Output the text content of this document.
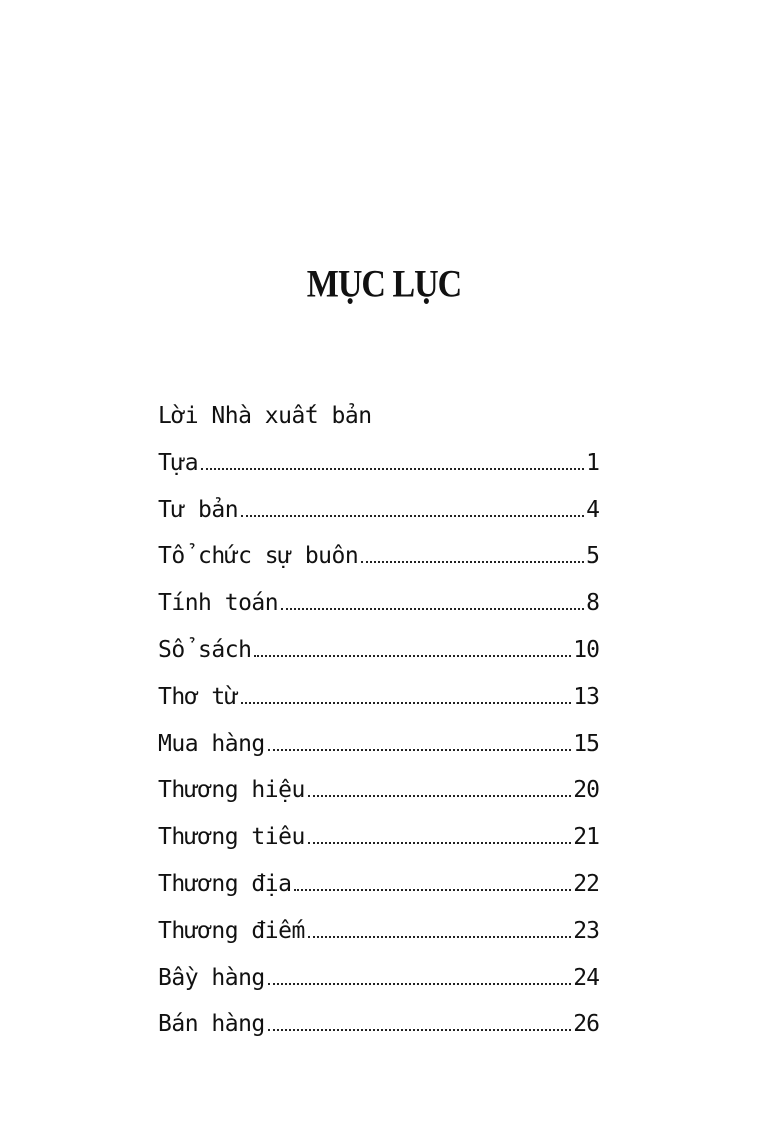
MỤC LỤC
Lời Nhà xuất bản
Tựa	1
Tư bản	4
Tổ chức sự buôn	5
Tính toán	8
Sổ sách	10
Thơ từ	13
Mua hàng	15
Thương hiệu	20
Thương tiêu	21
Thương địa	22
Thương điếm	23
Bầy hàng	24
Bán hàng	26
